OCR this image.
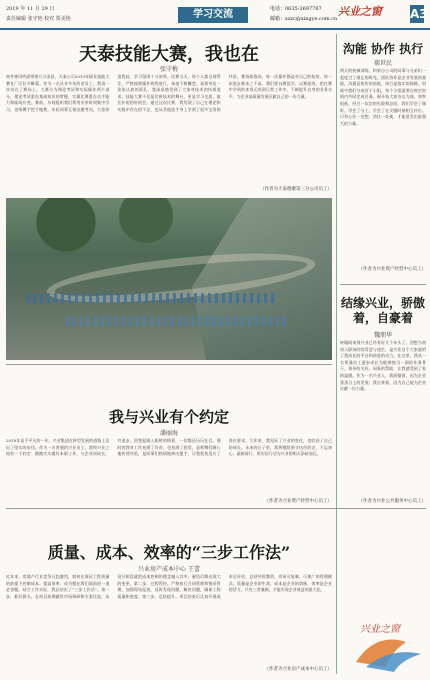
2019 年 11 月 29 日
责任编辑 张守艳 校对 贾美艳	学习交流	电话：0635-3697787
邮箱：xzzc@xingye.com.cn
兴业之窗 A3
天泰技能大赛，我也在
张守梅
初冬寒风吹面带着几分凉意，天泰公司2019年职业技能大赛在厂区拉开帷幕。作为一名从业多年的老员工，我再一次站在了赛场上。大赛分为理论考试和实际操作两个部分，理论考试重在基础知识的掌握，实操比赛重在动手能力和临场应变。赛前，车间组织我们利用业余时间集中学习，老师傅手把手地教，年轻同事互相出题考问，大家你追我赶，学习氛围十分浓厚。比赛当天，每个人都全神贯注，严格按照操作规程进行，丝毫不敢懈怠。看着身边一张张认真的面孔，我深深感受到了大家对技术的执着追求。技能大赛不仅是比拼技术的舞台，更是学习交流、取长补短的好机会。通过这次比赛，我发现了自己在理论和实践中存在的不足，也从其他选手身上学到了很多宝贵的经验。赛场如战场，每一次操作都是对自己的检验，每一次进步都来之不易。我们要以赛促学、以赛促练，把比赛中学到的本领运用到日常工作中，不断提升自身的业务水平，为企业高质量发展贡献自己的一份力量。
（作者为天泰德聚第三分公司员工）
我与兴业有个约定
潘丽海
2019年是不平凡的一年，兴业集团在转型发展的道路上迈出了坚实的步伐。作为一名普通的兴业员工，我和兴业之间有一个约定：踏踏实实做好本职工作，与企业同成长、共进步。回想起刚入职时的情景，一切都还历历在目。那时的我对工作充满了好奇，也充满了担忧，是师傅们耐心地传授经验，是同事们热情地伸出援手，让我很快适应了岗位要求。几年来，我见证了兴业的变化，也收获了自己的成长。未来的日子里，我将继续坚守这份约定，不忘初心，砥砺前行，用实际行动为兴业的明天添砖加瓦。
（作者为兴业资产经营中心员工）
质量、成本、效率的“三步工作法”
兴业房产成本中心 王蕾
近年来，房地产行业竞争日趋激烈，如何在保证工程质量的前提下控制成本、提高效率，成为摆在我们面前的一道必答题。结合工作实际，我总结出了“三步工作法”。第一步，抓好源头。在项目前期做好市场调研和方案比选，从设计阶段就把成本控制的理念融入其中，避免后期出现大的变更。第二步，过程管控。严格执行合同管理和签证管理，加强现场巡查，及时发现问题、解决问题，确保工程质量和进度。第三步，总结提升。项目结束后认真开展成本后评估，总结经验教训，形成可复制、可推广的管理模式。质量是企业的生命，成本是企业的命脉，效率是企业的活力。只有三者兼顾，才能实现企业效益的最大化。
（作者为兴业房产成本中心员工）
沟能 协作 执行
郝世民
两天的机械训练，和来自公司的同事与兄弟们一起度过了难忘的时光。团队协作是企业发展的基础，沟通是协作的前提，执行是落实的保障。训练中我们分成若干小组，每个小组需要在规定时间内共同完成任务。刚开始大家各自为战，效率很低，经过一次次的失败和总结，我们学会了倾听，学会了分工，学会了在关键时刻相互补位。只有心往一处想，劲往一处使，才能迸发出最强大的力量。
（作者为兴业资产经营中心员工）
结缘兴业，骄傲着，自豪着
魏朋华
转眼间来到兴业已经有好几个年头了。回想当初初入职场时的青涩与迷茫，是兴业这个大家庭给了我成长的平台和前进的动力。在这里，我从一名普通员工逐步成长为能够独当一面的业务骨干，领导的关怀、同事的帮助，让我感受到了家的温暖。作为一名兴业人，我骄傲着，因为企业蒸蒸日上的发展；我自豪着，因为自己能为企业贡献一份力量。
（作者为兴业公共服务中心员工）
兴业之窗
